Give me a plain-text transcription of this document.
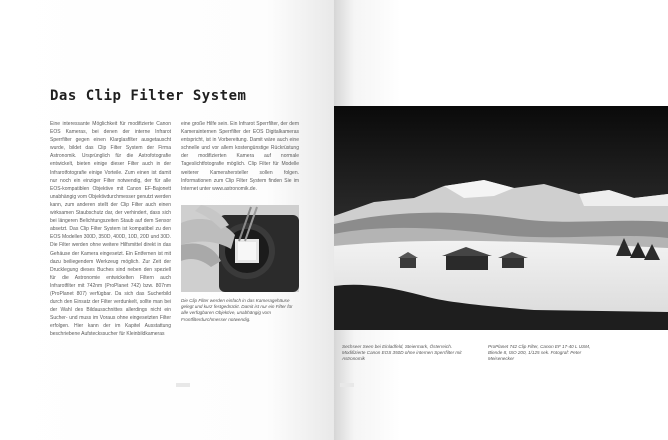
Das Clip Filter System

Eine interessante Möglichkeit für modifizierte Canon EOS Kameras, bei denen der interne Infrarot Sperrfilter gegen einen Klarglasfilter ausgetauscht wurde, bildet das Clip Filter System der Firma Astronomik. Ursprünglich für die Astrofotografie entwickelt, bieten einige dieser Filter auch in der Infrarotfotografie einige Vorteile. Zum einen ist damit nur noch ein einziger Filter notwendig, der für alle EOS-kompatiblen Objektive mit Canon EF-Bajonett unabhängig vom Objektivdurchmesser genutzt werden kann, zum anderen stellt der Clip Filter auch einen wirksamen Staubschutz dar, der verhindert, dass sich bei längeren Belichtungszeiten Staub auf dem Sensor absetzt. Das Clip Filter System ist kompatibel zu den EOS Modellen 300D, 350D, 400D, 10D, 20D und 30D. Die Filter werden ohne weitere Hilfsmittel direkt in das Gehäuse der Kamera eingesetzt. Ein Entfernen ist mit dazu beiliegendem Werkzeug möglich. Zur Zeit der Drucklegung dieses Buches sind neben den speziell für die Astronomie entwickelten Filtern auch Infrarotfilter mit 742nm (ProPlanet 742) bzw. 807nm (ProPlanet 807) verfügbar. Da sich das Sucherbild durch den Einsatz der Filter verdunkelt, sollte man bei der Wahl des Bildausschnittes allerdings nicht ein Sucher- und muss im Voraus ohne eingesetzten Filter erfolgen. Hier kann der im Kapitel Ausstattung beschriebene Aufsteckssucher für Kleinbildkameras

eine große Hilfe sein. Ein Infrarot Sperrfilter, der dem Kamerainternen Sperrfilter der EOS Digitalkameras entspricht, ist in Vorbereitung. Damit wäre auch eine schnelle und vor allem kostengünstige Rückrüstung der modifizierten Kamera auf normale Tageslichtfotografie möglich. Clip Filter für Modelle weiterer Kamerahersteller sollen folgen. Informationen zum Clip Filter System finden Sie im Internet unter www.astronomik.de.

Die Clip Filter werden einfach in das Kameragehäuse gelegt und kurz festgedrückt. Damit ist nur ein Filter für alle verfügbaren Objektive, unabhängig vom Frontfilterdurchmesser notwendig.

Sechseer Seen bei Einladfeld, Steiermark, Österreich. Modifizierte Canon EOS 350D ohne internen Sperrfilter mit Astronomik

ProPlanet 742 Clip Filter, Canon EF 17-40 L USM, Blende 8, ISO 200, 1/125 sek. Fotograf: Peter Meisenecker
